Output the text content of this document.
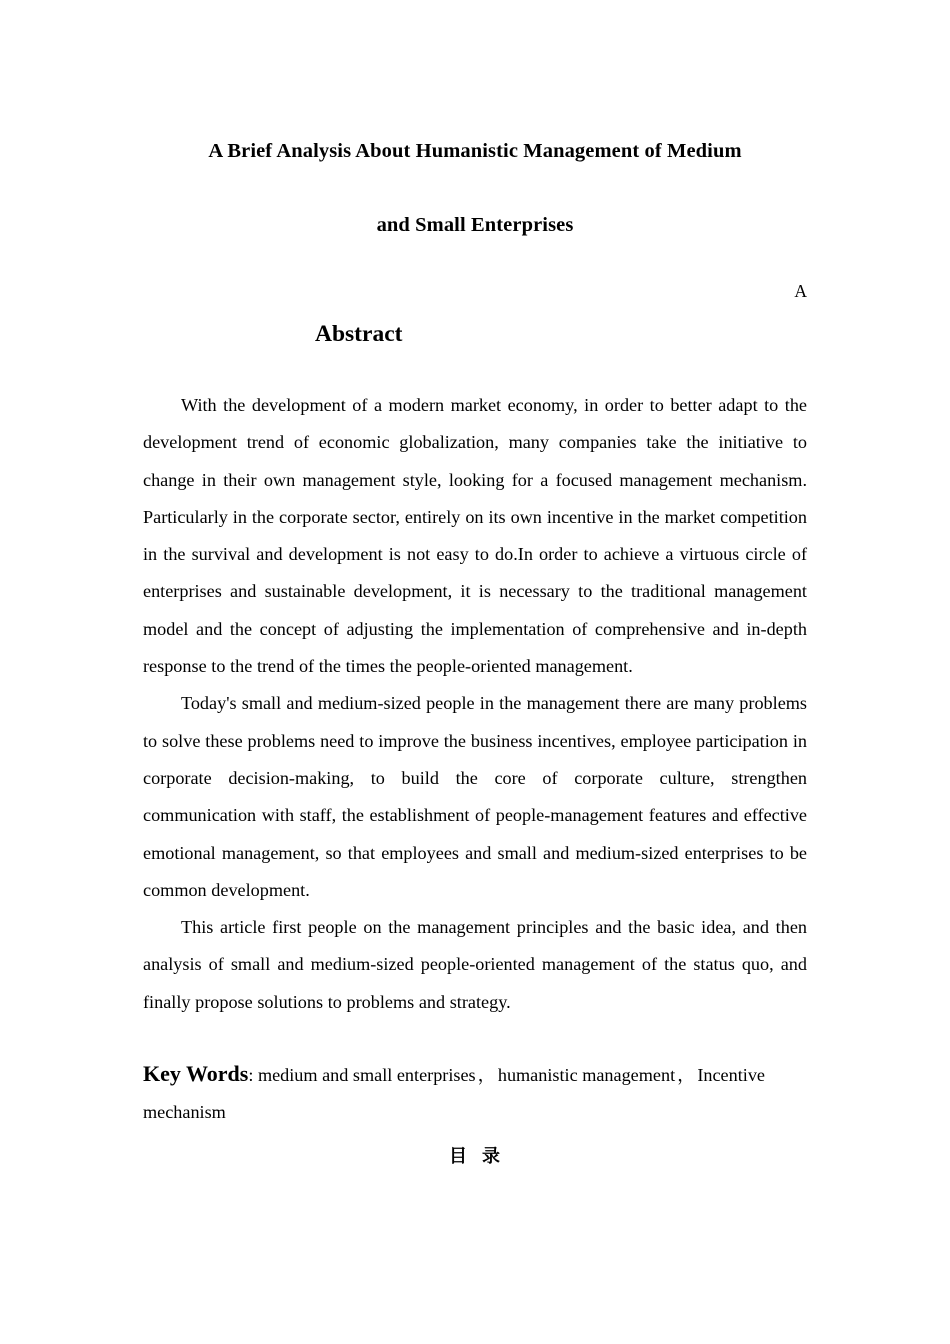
A Brief Analysis About Humanistic Management of Medium
and Small Enterprises
A
Abstract

With the development of a modern market economy, in order to better adapt to the development trend of economic globalization, many companies take the initiative to change in their own management style, looking for a focused management mechanism. Particularly in the corporate sector, entirely on its own incentive in the market competition in the survival and development is not easy to do.In order to achieve a virtuous circle of enterprises and sustainable development, it is necessary to the traditional management model and the concept of adjusting the implementation of comprehensive and in-depth response to the trend of the times the people-oriented management.

Today's small and medium-sized people in the management there are many problems to solve these problems need to improve the business incentives, employee participation in corporate decision-making, to build the core of corporate culture, strengthen communication with staff, the establishment of people-management features and effective emotional management, so that employees and small and medium-sized enterprises to be common development.

This article first people on the management principles and the basic idea, and then analysis of small and medium-sized people-oriented management of the status quo, and finally propose solutions to problems and strategy.

Key Words: medium and small enterprises ， humanistic management ， Incentive mechanism

目 录
